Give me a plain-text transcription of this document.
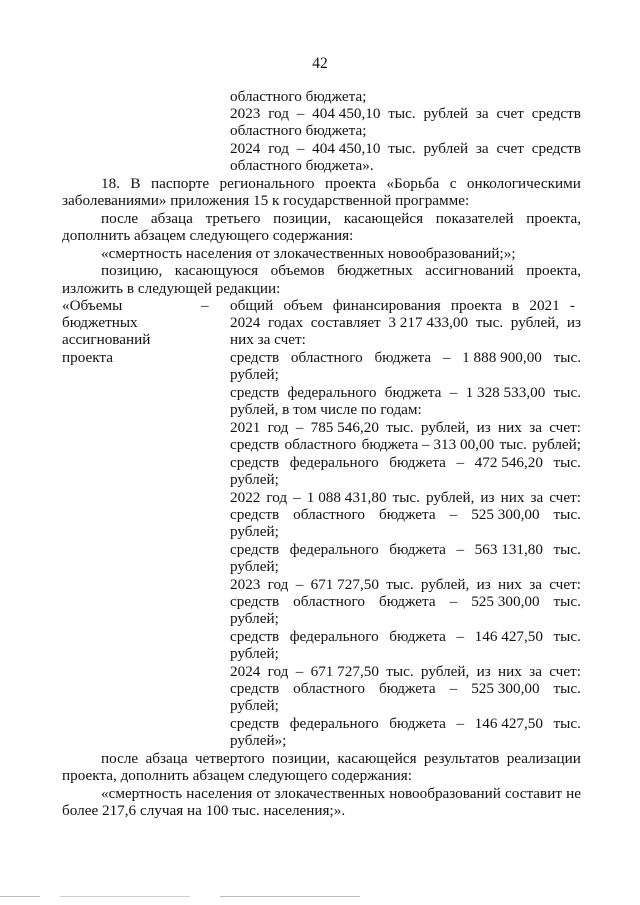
42
областного бюджета;
2023 год – 404 450,10 тыс. рублей за счет средств
областного бюджета;
2024 год – 404 450,10 тыс. рублей за счет средств
областного бюджета».
18. В паспорте регионального проекта «Борьба с онкологическими
заболеваниями» приложения 15 к государственной программе:
после абзаца третьего позиции, касающейся показателей проекта,
дополнить абзацем следующего содержания:
«смертность населения от злокачественных новообразований;»;
позицию, касающуюся объемов бюджетных ассигнований проекта,
изложить в следующей редакции:
«Объемы	–
бюджетных
ассигнований
проекта
общий объем финансирования проекта в 2021 -
2024 годах составляет 3 217 433,00 тыс. рублей, из
них за счет:
средств областного бюджета – 1 888 900,00 тыс.
рублей;
средств федерального бюджета – 1 328 533,00 тыс.
рублей, в том числе по годам:
2021 год – 785 546,20 тыс. рублей, из них за счет:
средств областного бюджета – 313 00,00 тыс. рублей;
средств федерального бюджета – 472 546,20 тыс.
рублей;
2022 год – 1 088 431,80 тыс. рублей, из них за счет:
средств областного бюджета – 525 300,00 тыс.
рублей;
средств федерального бюджета – 563 131,80 тыс.
рублей;
2023 год – 671 727,50 тыс. рублей, из них за счет:
средств областного бюджета – 525 300,00 тыс.
рублей;
средств федерального бюджета – 146 427,50 тыс.
рублей;
2024 год – 671 727,50 тыс. рублей, из них за счет:
средств областного бюджета – 525 300,00 тыс.
рублей;
средств федерального бюджета – 146 427,50 тыс.
рублей»;
после абзаца четвертого позиции, касающейся результатов реализации
проекта, дополнить абзацем следующего содержания:
«смертность населения от злокачественных новообразований составит не
более 217,6 случая на 100 тыс. населения;».
